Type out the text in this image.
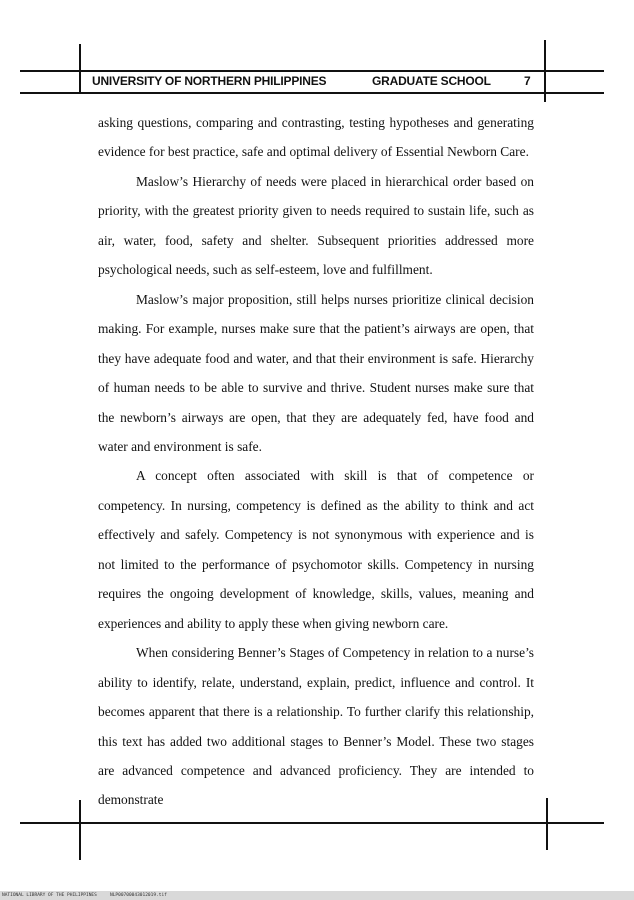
UNIVERSITY OF NORTHERN PHILIPPINES	GRADUATE SCHOOL	7

asking questions, comparing and contrasting, testing hypotheses and generating evidence for best practice, safe and optimal delivery of Essential Newborn Care.

Maslow’s Hierarchy of needs were placed in hierarchical order based on priority, with the greatest priority given to needs required to sustain life, such as air, water, food, safety and shelter. Subsequent priorities addressed more psychological needs, such as self-esteem, love and fulfillment.

Maslow’s major proposition, still helps nurses prioritize clinical decision making. For example, nurses make sure that the patient’s airways are open, that they have adequate food and water, and that their environment is safe. Hierarchy of human needs to be able to survive and thrive. Student nurses make sure that the newborn’s airways are open, that they are adequately fed, have food and water and environment is safe.

A concept often associated with skill is that of competence or competency. In nursing, competency is defined as the ability to think and act effectively and safely. Competency is not synonymous with experience and is not limited to the performance of psychomotor skills. Competency in nursing requires the ongoing development of knowledge, skills, values, meaning and experiences and ability to apply these when giving newborn care.

When considering Benner’s Stages of Competency in relation to a nurse’s ability to identify, relate, understand, explain, predict, influence and control. It becomes apparent that there is a relationship. To further clarify this relationship, this text has added two additional stages to Benner’s Model. These two stages are advanced competence and advanced proficiency. They are intended to demonstrate

NATIONAL LIBRARY OF THE PHILIPPINES	NLP00700043012019.tif
